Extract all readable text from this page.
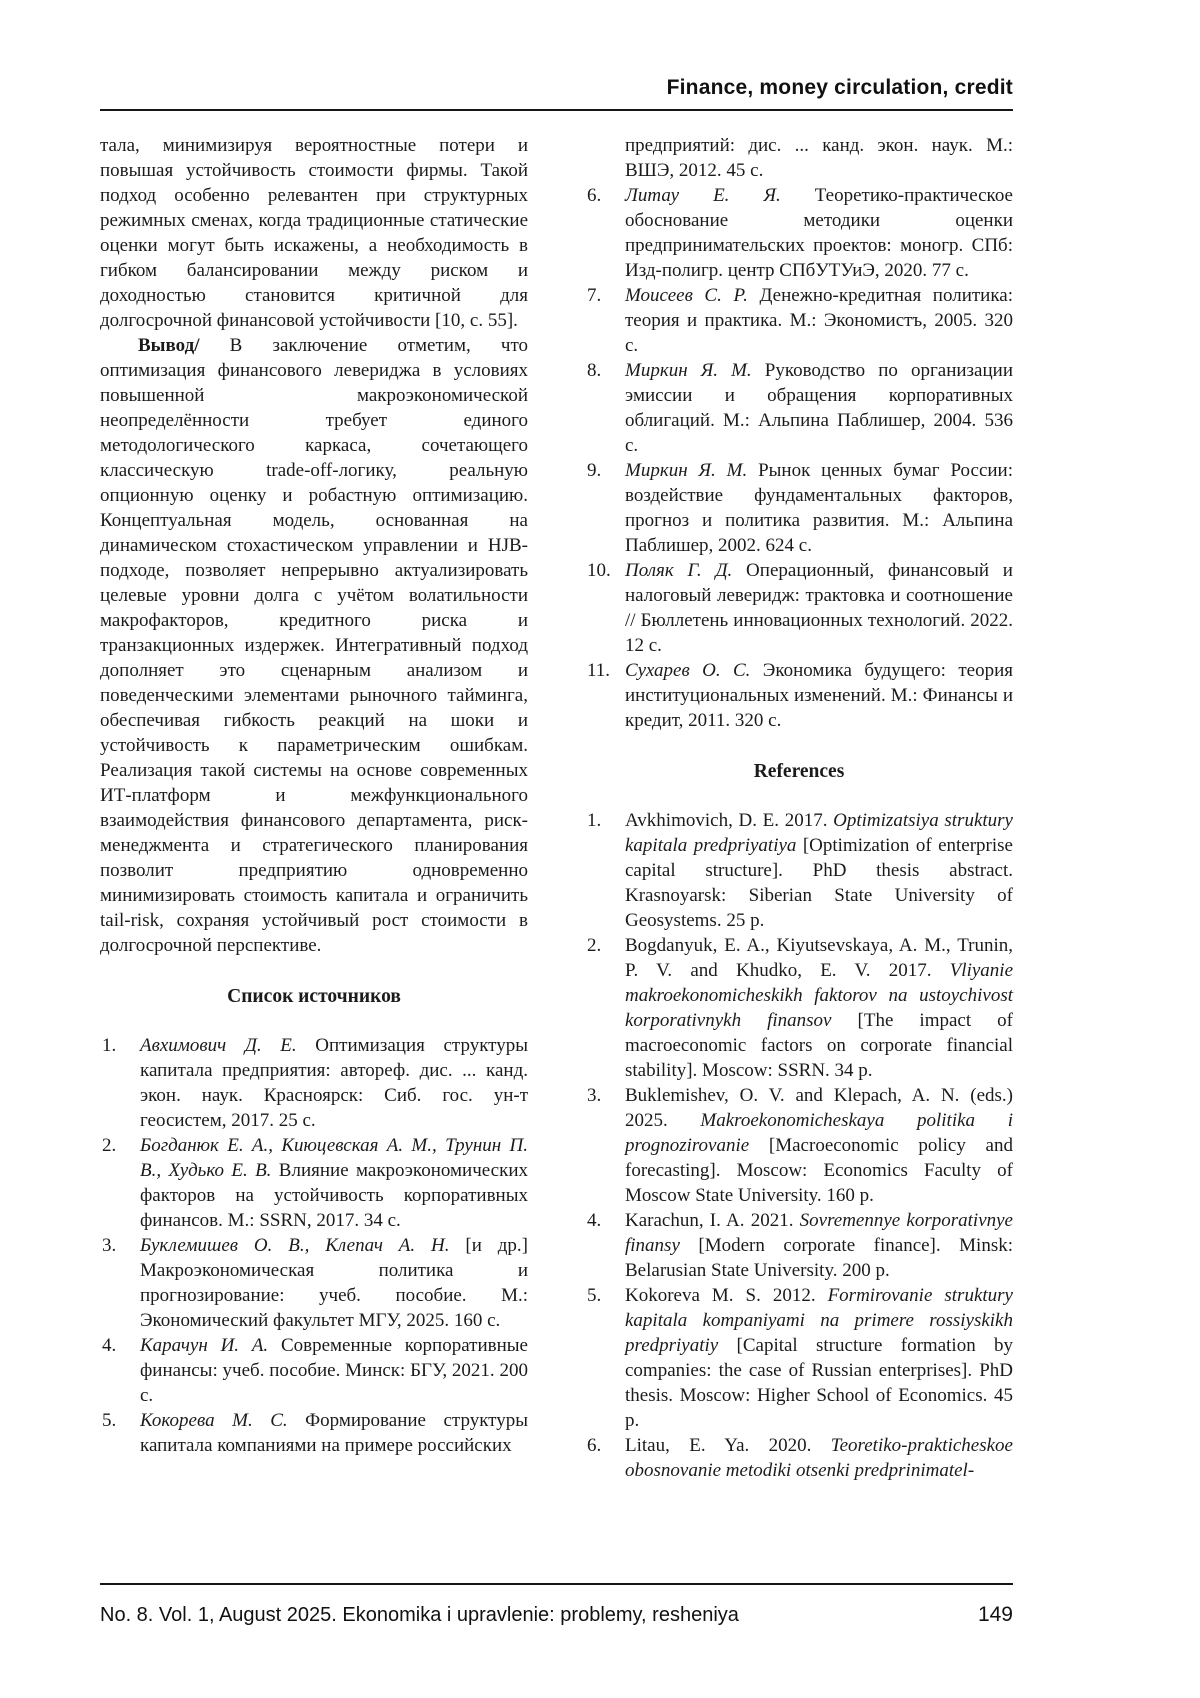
Finance, money circulation, credit

тала, минимизируя вероятностные потери и повышая устойчивость стоимости фирмы. Такой подход особенно релевантен при структурных режимных сменах, когда традиционные статические оценки могут быть искажены, а необходимость в гибком балансировании между риском и доходностью становится критичной для долгосрочной финансовой устойчивости [10, с. 55].

Вывод/ В заключение отметим, что оптимизация финансового левериджа в условиях повышенной макроэкономической неопределённости требует единого методологического каркаса, сочетающего классическую trade-off-логику, реальную опционную оценку и робастную оптимизацию. Концептуальная модель, основанная на динамическом стохастическом управлении и HJB-подходе, позволяет непрерывно актуализировать целевые уровни долга с учётом волатильности макрофакторов, кредитного риска и транзакционных издержек. Интегративный подход дополняет это сценарным анализом и поведенческими элементами рыночного тайминга, обеспечивая гибкость реакций на шоки и устойчивость к параметрическим ошибкам. Реализация такой системы на основе современных ИТ-платформ и межфункционального взаимодействия финансового департамента, риск-менеджмента и стратегического планирования позволит предприятию одновременно минимизировать стоимость капитала и ограничить tail-risk, сохраняя устойчивый рост стоимости в долгосрочной перспективе.

Список источников
1. Авхимович Д. Е. Оптимизация структуры капитала предприятия: автореф. дис. ... канд. экон. наук. Красноярск: Сиб. гос. ун-т геосистем, 2017. 25 с.
2. Богданюк Е. А., Киюцевская А. М., Трунин П. В., Худько Е. В. Влияние макроэкономических факторов на устойчивость корпоративных финансов. М.: SSRN, 2017. 34 с.
3. Буклемишев О. В., Клепач А. Н. [и др.] Макроэкономическая политика и прогнозирование: учеб. пособие. М.: Экономический факультет МГУ, 2025. 160 с.
4. Карачун И. А. Современные корпоративные финансы: учеб. пособие. Минск: БГУ, 2021. 200 с.
5. Кокорева М. С. Формирование структуры капитала компаниями на примере российских
предприятий: дис. ... канд. экон. наук. М.: ВШЭ, 2012. 45 с.
6. Литау Е. Я. Теоретико-практическое обоснование методики оценки предпринимательских проектов: моногр. СПб: Изд-полигр. центр СПбУТУиЭ, 2020. 77 с.
7. Моисеев С. Р. Денежно-кредитная политика: теория и практика. М.: Экономистъ, 2005. 320 с.
8. Миркин Я. М. Руководство по организации эмиссии и обращения корпоративных облигаций. М.: Альпина Паблишер, 2004. 536 с.
9. Миркин Я. М. Рынок ценных бумаг России: воздействие фундаментальных факторов, прогноз и политика развития. М.: Альпина Паблишер, 2002. 624 с.
10. Поляк Г. Д. Операционный, финансовый и налоговый леверидж: трактовка и соотношение // Бюллетень инновационных технологий. 2022. 12 с.
11. Сухарев О. С. Экономика будущего: теория институциональных изменений. М.: Финансы и кредит, 2011. 320 с.
References
1. Avkhimovich, D. E. 2017. Optimizatsiya struktury kapitala predpriyatiya [Optimization of enterprise capital structure]. PhD thesis abstract. Krasnoyarsk: Siberian State University of Geosystems. 25 p.
2. Bogdanyuk, E. A., Kiyutsevskaya, A. M., Trunin, P. V. and Khudko, E. V. 2017. Vliyanie makroekonomicheskikh faktorov na ustoychivost korporativnykh finansov [The impact of macroeconomic factors on corporate financial stability]. Moscow: SSRN. 34 p.
3. Buklemishev, O. V. and Klepach, A. N. (eds.) 2025. Makroekonomicheskaya politika i prognozirovanie [Macroeconomic policy and forecasting]. Moscow: Economics Faculty of Moscow State University. 160 p.
4. Karachun, I. A. 2021. Sovremennye korporativnye finansy [Modern corporate finance]. Minsk: Belarusian State University. 200 p.
5. Kokoreva M. S. 2012. Formirovanie struktury kapitala kompaniyami na primere rossiyskikh predpriyatiy [Capital structure formation by companies: the case of Russian enterprises]. PhD thesis. Moscow: Higher School of Economics. 45 p.
6. Litau, E. Ya. 2020. Teoretiko-prakticheskoe obosnovanie metodiki otsenki predprinimatel-
No. 8. Vol. 1, August 2025. Ekonomika i upravlenie: problemy, resheniya	149
